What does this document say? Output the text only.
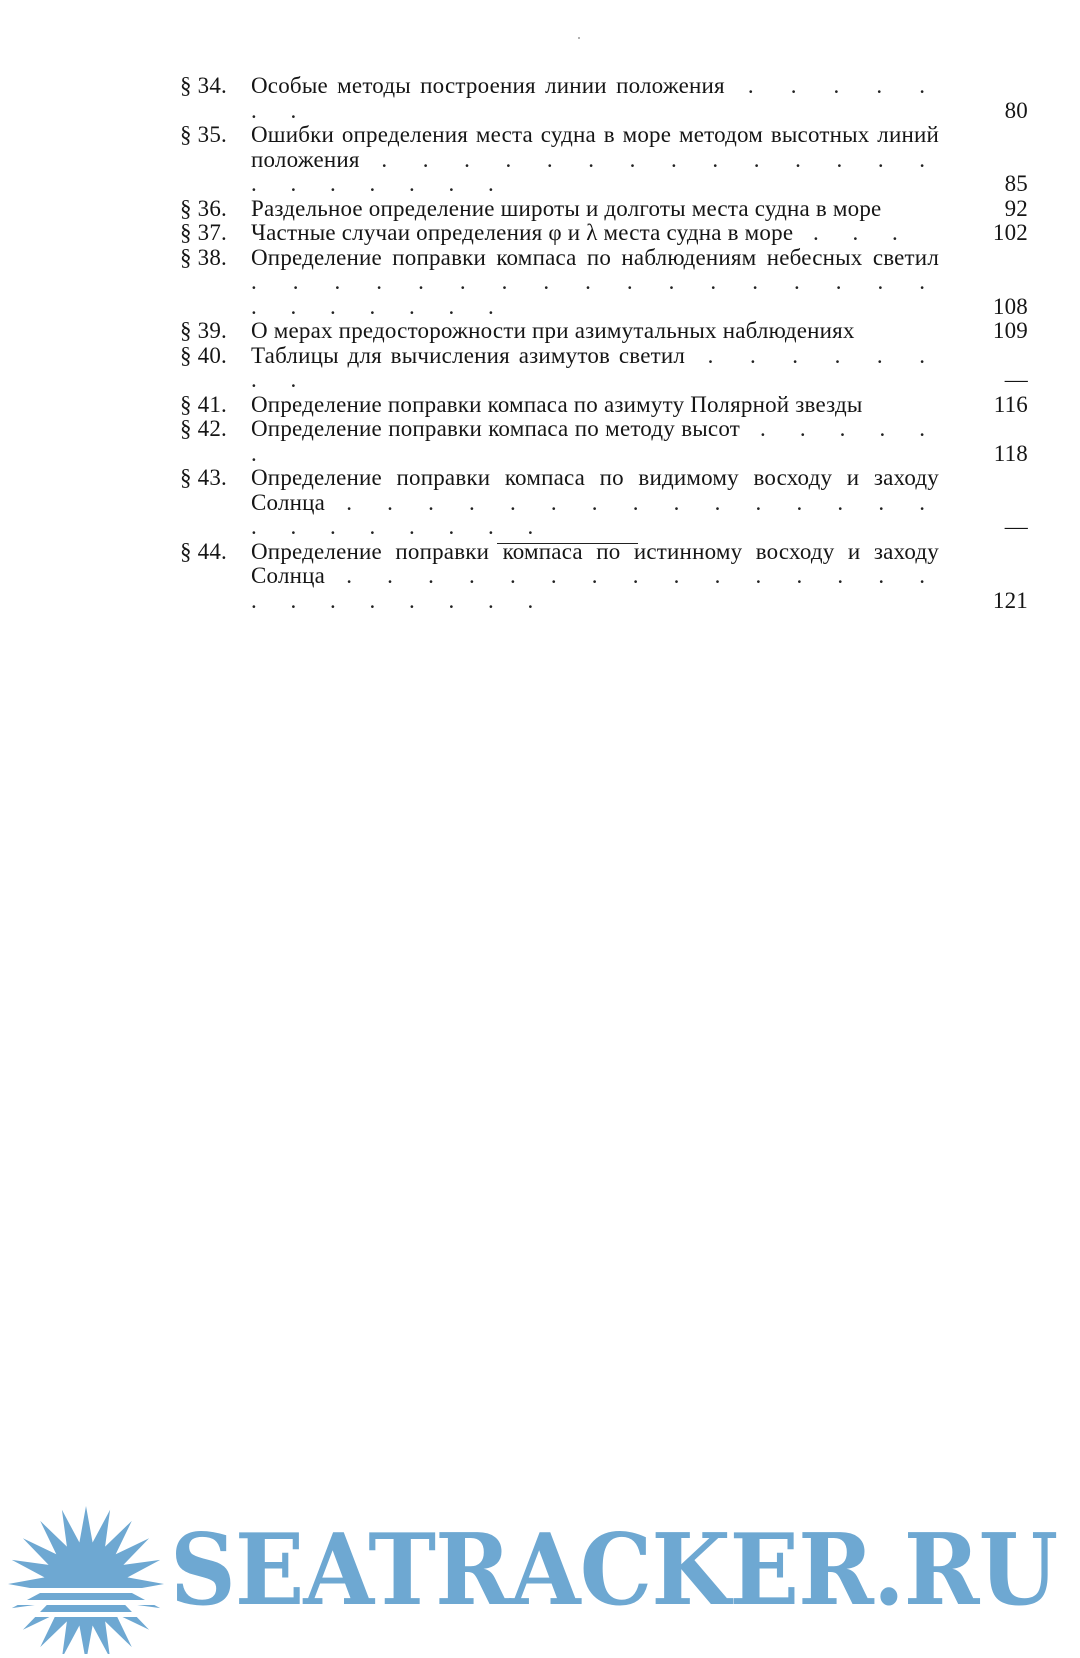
§ 34.	Особые методы построения линии положения . . . . . . .	80
§ 35.	Ошибки определения места судна в море методом высотных линий положения . . . . . . . . . . . . . . . . . . . . .	85
§ 36.	Раздельное определение широты и долготы места судна в море	92
§ 37.	Частные случаи определения φ и λ места судна в море . . .	102
§ 38.	Определение поправки компаса по наблюдениям небесных светил . . . . . . . . . . . . . . . . . . . . . . . .	108
§ 39.	О мерах предосторожности при азимутальных наблюдениях	109
§ 40.	Таблицы для вычисления азимутов светил . . . . . . . .	—
§ 41.	Определение поправки компаса по азимуту Полярной звезды	116
§ 42.	Определение поправки компаса по методу высот . . . . . .	118
§ 43.	Определение поправки компаса по видимому восходу и заходу Солнца . . . . . . . . . . . . . . . . . . . . . . .	—
§ 44.	Определение поправки компаса по истинному восходу и заходу Солнца . . . . . . . . . . . . . . . . . . . . . . .	121
SEATRACKER.RU
